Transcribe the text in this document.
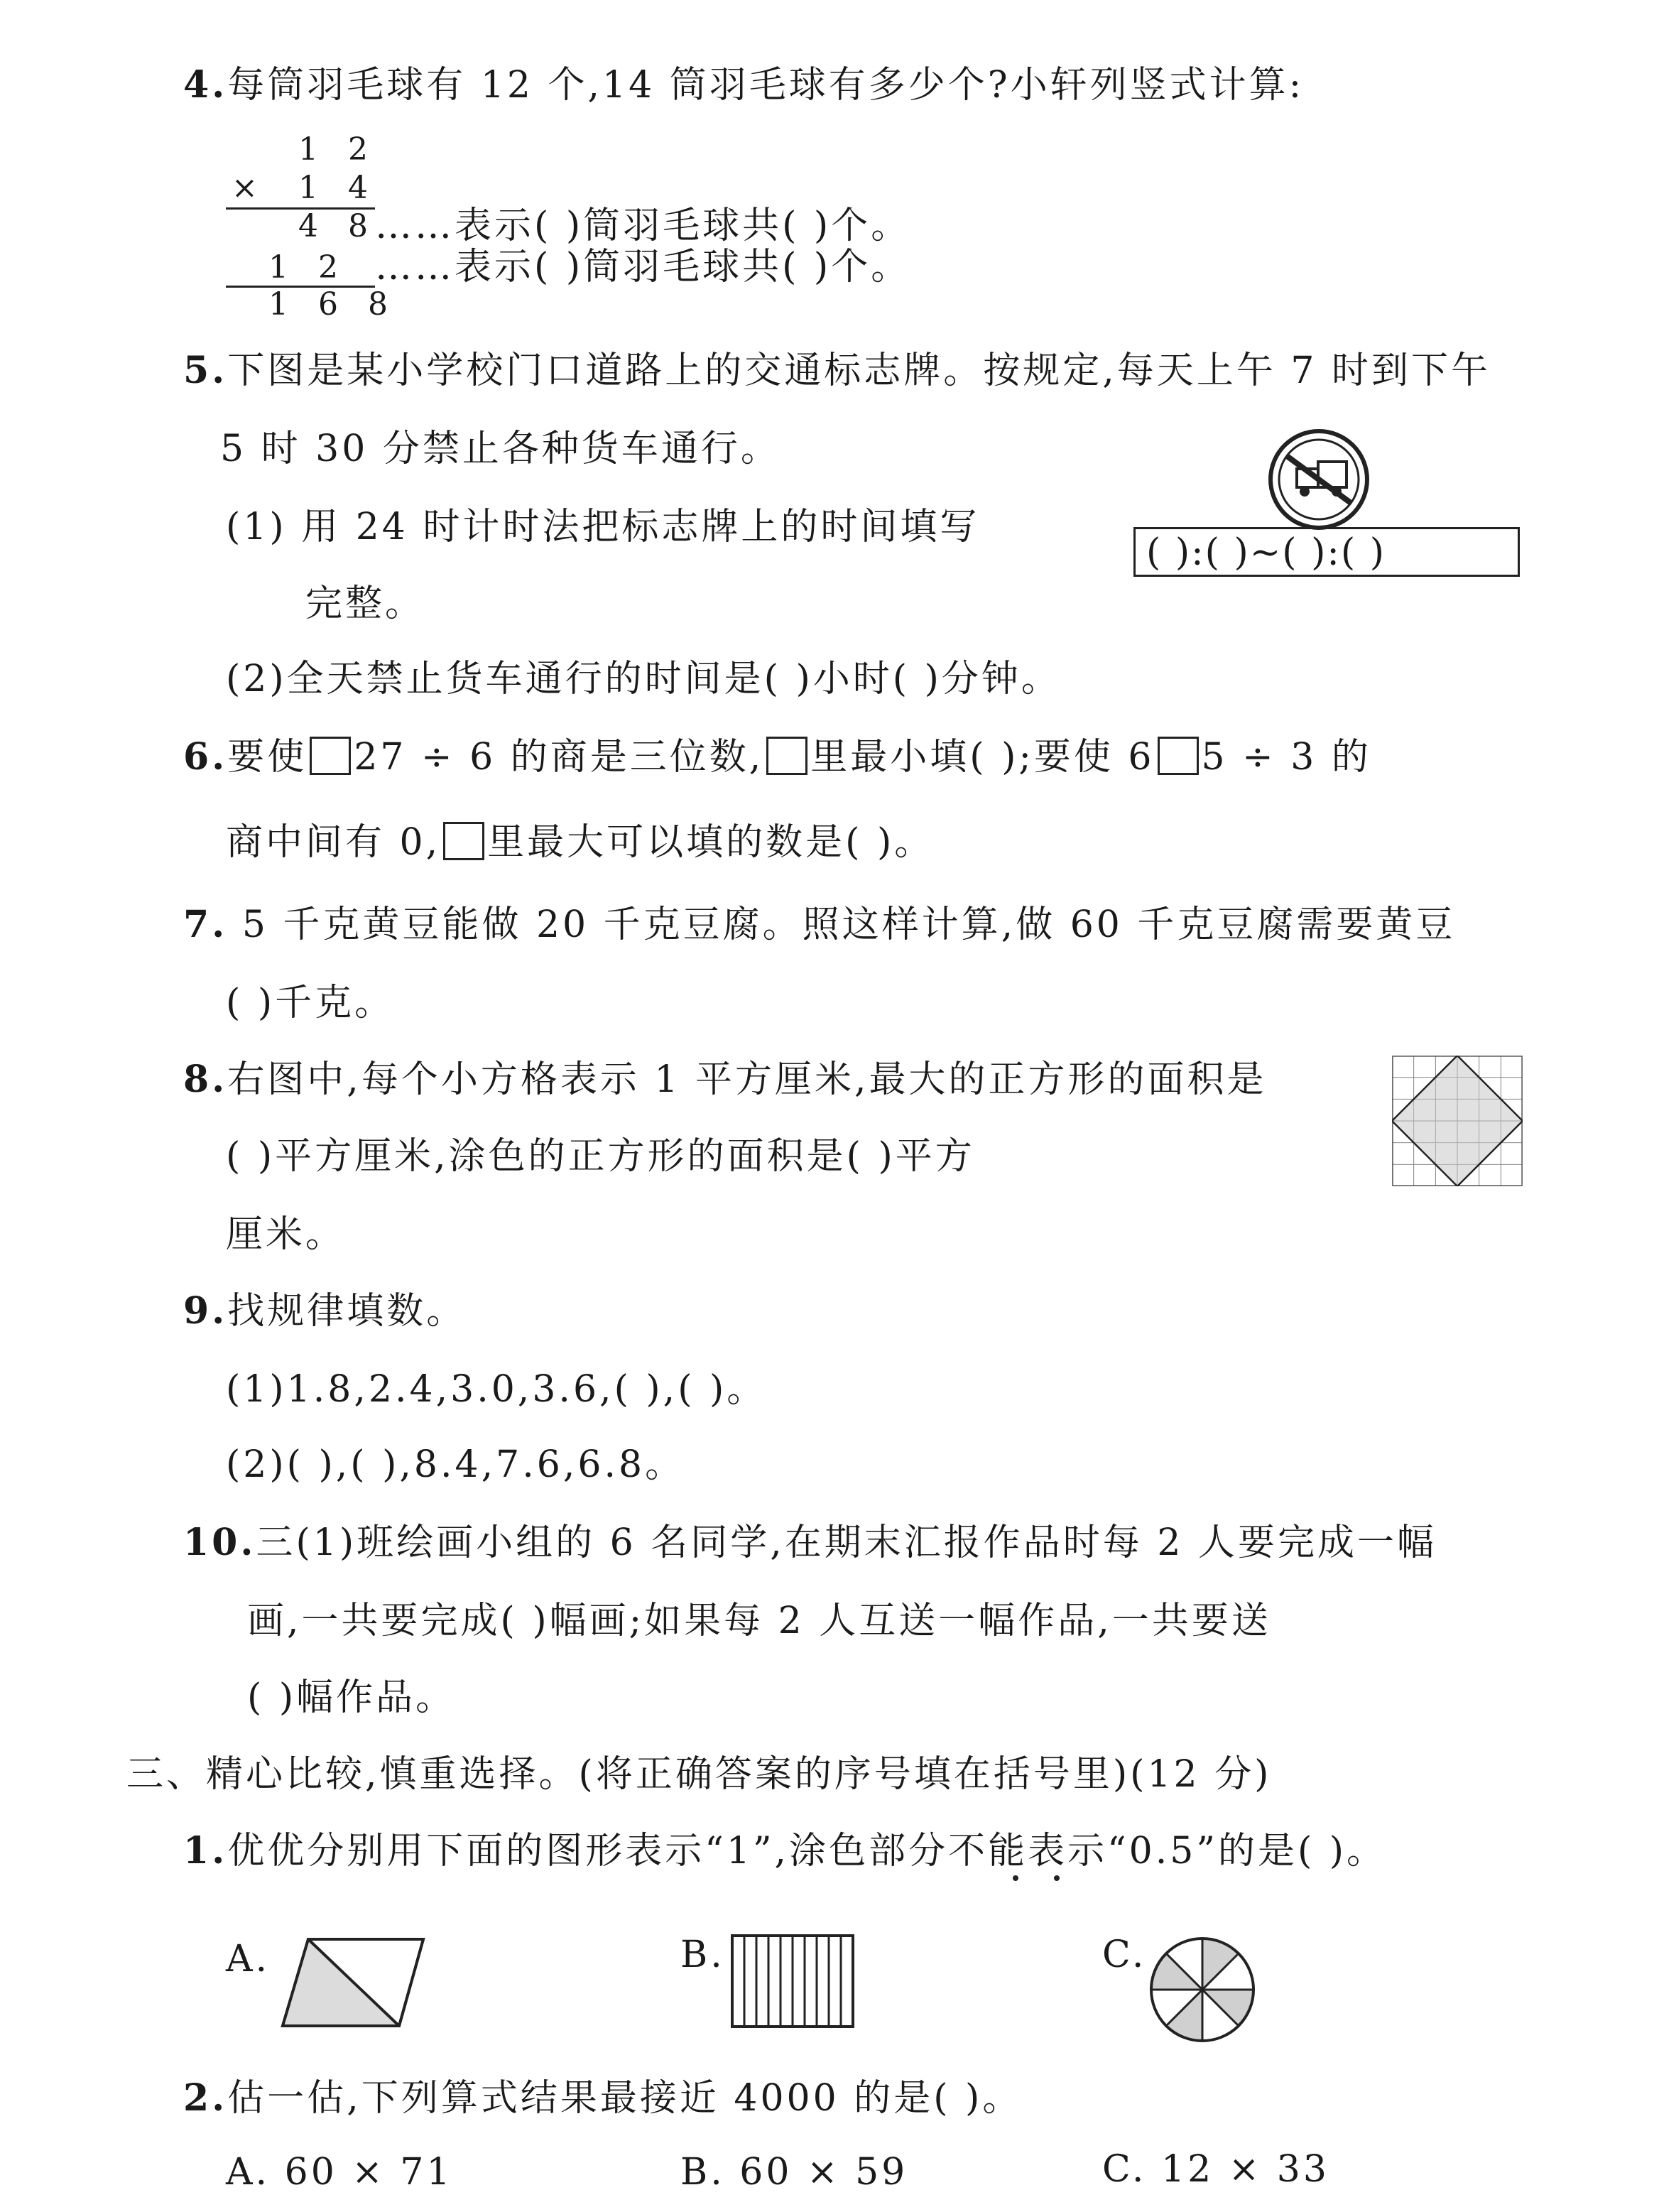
4.每筒羽毛球有 12 个,14 筒羽毛球有多少个?小轩列竖式计算:
1 2
× 1 4
4 8
……表示( )筒羽毛球共( )个。
1 2 ……表示( )筒羽毛球共( )个。
1 6 8
5.下图是某小学校门口道路上的交通标志牌。按规定,每天上午 7 时到下午
5 时 30 分禁止各种货车通行。
(1) 用 24 时计时法把标志牌上的时间填写
完整。
( ):( )~( ):( )
(2)全天禁止货车通行的时间是( )小时( )分钟。
6.要使 27 ÷ 6 的商是三位数, 里最小填( );要使 6 5 ÷ 3 的
商中间有 0, 里最大可以填的数是( )。
7. 5 千克黄豆能做 20 千克豆腐。照这样计算,做 60 千克豆腐需要黄豆
( )千克。
8.右图中,每个小方格表示 1 平方厘米,最大的正方形的面积是
( )平方厘米,涂色的正方形的面积是( )平方
厘米。
9.找规律填数。
(1)1.8,2.4,3.0,3.6,( ),( )。
(2)( ),( ),8.4,7.6,6.8。
10.三(1)班绘画小组的 6 名同学,在期末汇报作品时每 2 人要完成一幅
画,一共要完成( )幅画;如果每 2 人互送一幅作品,一共要送
( )幅作品。
三、精心比较,慎重选择。(将正确答案的序号填在括号里)(12 分)
1.优优分别用下面的图形表示“1”,涂色部分不能表示“0.5”的是( )。
A.	B.	C.
2.估一估,下列算式结果最接近 4000 的是( )。
A. 60 × 71	B. 60 × 59	C. 12 × 33
